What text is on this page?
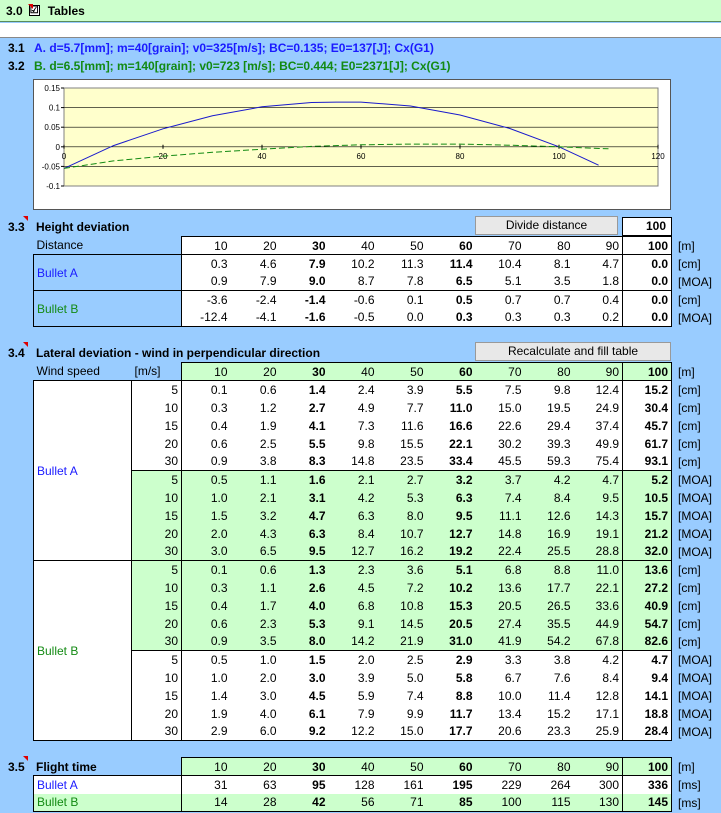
3.0 ☑ Tables
3.1 A. d=5.7[mm]; m=40[grain]; v0=325[m/s]; BC=0.135; E0=137[J]; Cx(G1)
3.2 B. d=6.5[mm]; m=140[grain]; v0=723 [m/s]; BC=0.444; E0=2371[J]; Cx(G1)
0.15
0.1
0.05
0
-0.05
-0.1
0	20	40	60	80	100	120
3.3 Height deviation	Divide distance	100
Distance	10	20	30	40	50	60	70	80	90	100	[m]
Bullet A	0.3	4.6	7.9	10.2	11.3	11.4	10.4	8.1	4.7	0.0	[cm]
	0.9	7.9	9.0	8.7	7.8	6.5	5.1	3.5	1.8	0.0	[MOA]
Bullet B	-3.6	-2.4	-1.4	-0.6	0.1	0.5	0.7	0.7	0.4	0.0	[cm]
	-12.4	-4.1	-1.6	-0.5	0.0	0.3	0.3	0.3	0.2	0.0	[MOA]
3.4 Lateral deviation - wind in perpendicular direction	Recalculate and fill table
Wind speed	[m/s]	10	20	30	40	50	60	70	80	90	100	[m]
Bullet A	5	0.1	0.6	1.4	2.4	3.9	5.5	7.5	9.8	12.4	15.2	[cm]
	10	0.3	1.2	2.7	4.9	7.7	11.0	15.0	19.5	24.9	30.4	[cm]
	15	0.4	1.9	4.1	7.3	11.6	16.6	22.6	29.4	37.4	45.7	[cm]
	20	0.6	2.5	5.5	9.8	15.5	22.1	30.2	39.3	49.9	61.7	[cm]
	30	0.9	3.8	8.3	14.8	23.5	33.4	45.5	59.3	75.4	93.1	[cm]
	5	0.5	1.1	1.6	2.1	2.7	3.2	3.7	4.2	4.7	5.2	[MOA]
	10	1.0	2.1	3.1	4.2	5.3	6.3	7.4	8.4	9.5	10.5	[MOA]
	15	1.5	3.2	4.7	6.3	8.0	9.5	11.1	12.6	14.3	15.7	[MOA]
	20	2.0	4.3	6.3	8.4	10.7	12.7	14.8	16.9	19.1	21.2	[MOA]
	30	3.0	6.5	9.5	12.7	16.2	19.2	22.4	25.5	28.8	32.0	[MOA]
Bullet B	5	0.1	0.6	1.3	2.3	3.6	5.1	6.8	8.8	11.0	13.6	[cm]
	10	0.3	1.1	2.6	4.5	7.2	10.2	13.6	17.7	22.1	27.2	[cm]
	15	0.4	1.7	4.0	6.8	10.8	15.3	20.5	26.5	33.6	40.9	[cm]
	20	0.6	2.3	5.3	9.1	14.5	20.5	27.4	35.5	44.9	54.7	[cm]
	30	0.9	3.5	8.0	14.2	21.9	31.0	41.9	54.2	67.8	82.6	[cm]
	5	0.5	1.0	1.5	2.0	2.5	2.9	3.3	3.8	4.2	4.7	[MOA]
	10	1.0	2.0	3.0	3.9	5.0	5.8	6.7	7.6	8.4	9.4	[MOA]
	15	1.4	3.0	4.5	5.9	7.4	8.8	10.0	11.4	12.8	14.1	[MOA]
	20	1.9	4.0	6.1	7.9	9.9	11.7	13.4	15.2	17.1	18.8	[MOA]
	30	2.9	6.0	9.2	12.2	15.0	17.7	20.6	23.3	25.9	28.4	[MOA]
3.5 Flight time
		10	20	30	40	50	60	70	80	90	100	[m]
Bullet A	31	63	95	128	161	195	229	264	300	336	[ms]
Bullet B	14	28	42	56	71	85	100	115	130	145	[ms]
